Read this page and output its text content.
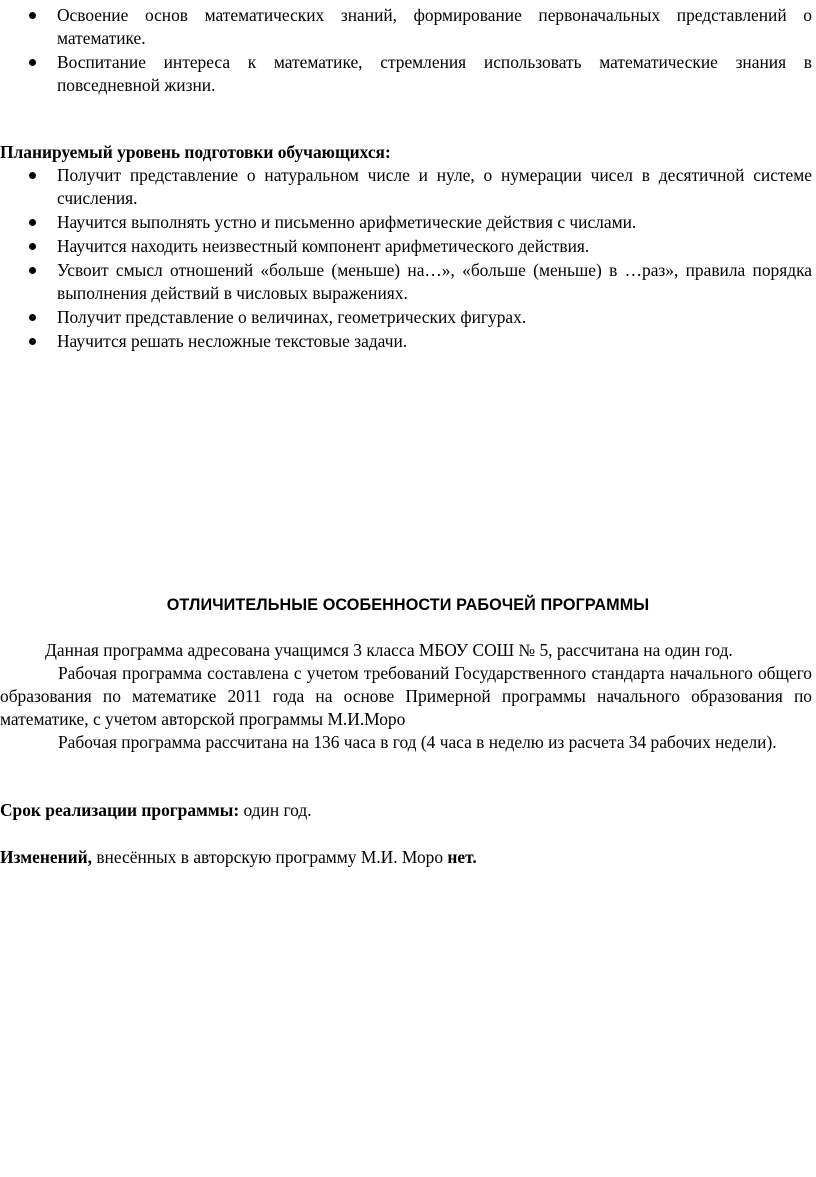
Освоение основ математических знаний, формирование первоначальных представлений о математике.
Воспитание интереса к математике, стремления использовать математические знания в повседневной жизни.

Планируемый уровень подготовки обучающихся:

Получит представление о натуральном числе и нуле, о нумерации чисел в десятичной системе счисления.
Научится выполнять устно и письменно арифметические действия с числами.
Научится находить неизвестный компонент арифметического действия.
Усвоит смысл отношений «больше (меньше) на…», «больше (меньше) в …раз», правила порядка выполнения действий в числовых выражениях.
Получит представление о величинах, геометрических фигурах.
Научится решать несложные текстовые задачи.
ОТЛИЧИТЕЛЬНЫЕ ОСОБЕННОСТИ РАБОЧЕЙ ПРОГРАММЫ

Данная программа адресована учащимся 3 класса МБОУ СОШ № 5, рассчитана на один год.

Рабочая программа составлена с учетом требований Государственного стандарта начального общего образования по математике 2011 года на основе Примерной программы начального образования по математике, с учетом авторской программы М.И.Моро

Рабочая программа рассчитана на 136 часа в год (4 часа в неделю из расчета 34 рабочих недели).

Срок реализации программы: один год.

Изменений, внесённых в авторскую программу М.И. Моро нет.
